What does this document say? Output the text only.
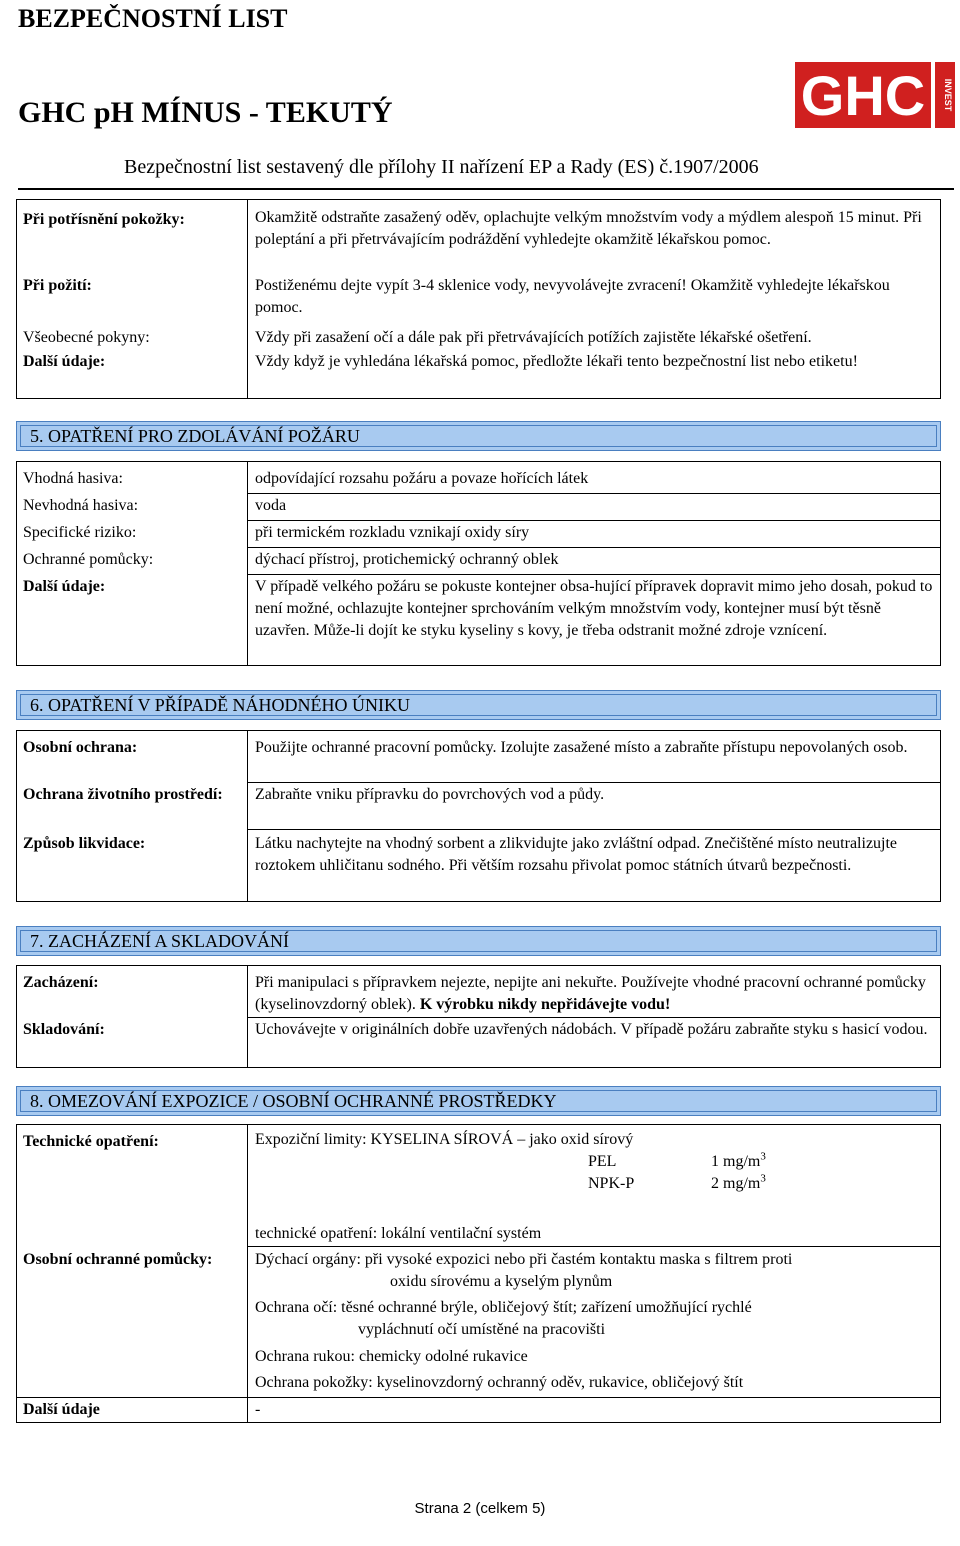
BEZPEČNOSTNÍ LIST
GHC pH MÍNUS - TEKUTÝ
Bezpečnostní list sestavený dle přílohy II nařízení EP a Rady (ES) č.1907/2006
GHC INVEST
Při potřísnění pokožky:	Okamžitě odstraňte zasažený oděv, oplachujte velkým množstvím vody a mýdlem alespoň 15 minut. Při poleptání a při přetrvávajícím podráždění vyhledejte okamžitě lékařskou pomoc.
Při požití:	Postiženému dejte vypít 3-4 sklenice vody, nevyvolávejte zvracení! Okamžitě vyhledejte lékařskou pomoc.
Všeobecné pokyny:	Vždy při zasažení očí a dále pak při přetrvávajících potížích zajistěte lékařské ošetření.
Další údaje:	Vždy když je vyhledána lékařská pomoc, předložte lékaři tento bezpečnostní list nebo etiketu!
5. OPATŘENÍ PRO ZDOLÁVÁNÍ POŽÁRU
Vhodná hasiva:	odpovídající rozsahu požáru a povaze hořících látek
Nevhodná hasiva:	voda
Specifické riziko:	při termickém rozkladu vznikají oxidy síry
Ochranné pomůcky:	dýchací přístroj, protichemický ochranný oblek
Další údaje:	V případě velkého požáru se pokuste kontejner obsa-hující přípravek dopravit mimo jeho dosah, pokud to není možné, ochlazujte kontejner sprchováním velkým množstvím vody, kontejner musí být těsně uzavřen. Může-li dojít ke styku kyseliny s kovy, je třeba odstranit možné zdroje vznícení.
6. OPATŘENÍ V PŘÍPADĚ NÁHODNÉHO ÚNIKU
Osobní ochrana:	Použijte ochranné pracovní pomůcky. Izolujte zasažené místo a zabraňte přístupu nepovolaných osob.
Ochrana životního prostředí:	Zabraňte vniku přípravku do povrchových vod a půdy.
Způsob likvidace:	Látku nachytejte na vhodný sorbent a zlikvidujte jako zvláštní odpad. Znečištěné místo neutralizujte roztokem uhličitanu sodného. Při větším rozsahu přivolat pomoc státních útvarů bezpečnosti.
7. ZACHÁZENÍ A SKLADOVÁNÍ
Zacházení:	Při manipulaci s přípravkem nejezte, nepijte ani nekuřte. Používejte vhodné pracovní ochranné pomůcky (kyselinovzdorný oblek). K výrobku nikdy nepřidávejte vodu!
Skladování:	Uchovávejte v originálních dobře uzavřených nádobách. V případě požáru zabraňte styku s hasicí vodou.
8. OMEZOVÁNÍ EXPOZICE / OSOBNÍ OCHRANNÉ PROSTŘEDKY
Technické opatření:	Expoziční limity: KYSELINA SÍROVÁ – jako oxid sírový
PEL	1 $mg/m^3$
NPK-P	2 $mg/m^3$
technické opatření: lokální ventilační systém
Osobní ochranné pomůcky:	Dýchací orgány: při vysoké expozici nebo při častém kontaktu maska s filtrem proti
oxidu sírovému a kyselým plynům
Ochrana očí: těsné ochranné brýle, obličejový štít; zařízení umožňující rychlé
vypláchnutí očí umístěné na pracovišti
Ochrana rukou: chemicky odolné rukavice
Ochrana pokožky: kyselinovzdorný ochranný oděv, rukavice, obličejový štít
Další údaje	-
Strana 2 (celkem 5)
